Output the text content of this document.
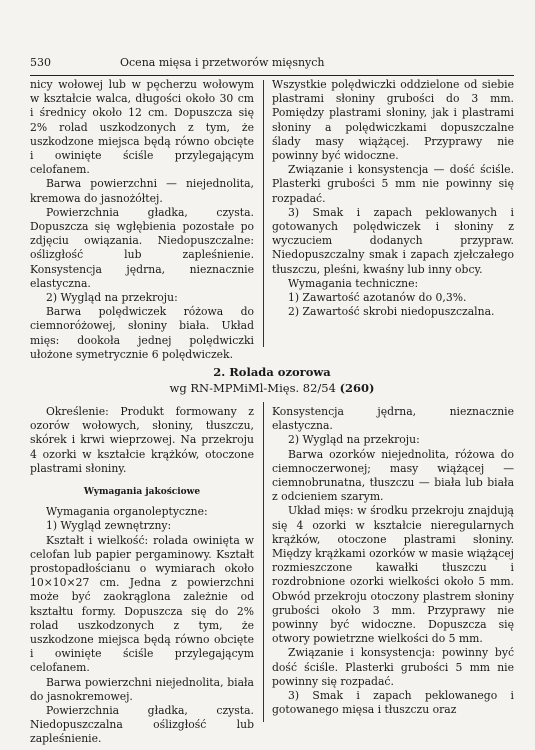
530	Ocena mięsa i przetworów mięsnych

nicy wołowej lub w pęcherzu wołowym w kształcie walca, długości około 30 cm i średnicy około 12 cm. Dopuszcza się 2% rolad uszkodzonych z tym, że uszkodzone miejsca będą równo obcięte i owinięte ściśle przylegającym celofanem.

Barwa powierzchni — niejednolita, kremowa do jasnożółtej.

Powierzchnia gładka, czysta. Dopuszcza się wgłębienia pozostałe po zdjęciu owiązania. Niedopuszczalne: oślizgłość lub zapleśnienie. Konsystencja jędrna, nieznacznie elastyczna.

2) Wygląd na przekroju:

Barwa polędwiczek różowa do ciemnoróżowej, słoniny biała. Układ mięs: dookoła jednej polędwiczki ułożone symetrycznie 6 polędwiczek.

Wszystkie polędwiczki oddzielone od siebie plastrami słoniny grubości do 3 mm. Pomiędzy plastrami słoniny, jak i plastrami słoniny a polędwiczkami dopuszczalne ślady masy wiążącej. Przyprawy nie powinny być widoczne.

Związanie i konsystencja — dość ściśle. Plasterki grubości 5 mm nie powinny się rozpadać.

3) Smak i zapach peklowanych i gotowanych polędwiczek i słoniny z wyczuciem dodanych przypraw. Niedopuszczalny smak i zapach zjełczałego tłuszczu, pleśni, kwaśny lub inny obcy.

Wymagania techniczne:

1) Zawartość azotanów do 0,3%.

2) Zawartość skrobi niedopuszczalna.

2. Rolada ozorowa
wg RN-MPMiMl-Mięs. 82/54 (260)

Określenie: Produkt formowany z ozorów wołowych, słoniny, tłuszczu, skórek i krwi wieprzowej. Na przekroju 4 ozorki w kształcie krążków, otoczone plastrami słoniny.

Wymagania jakościowe

Wymagania organoleptyczne:

1) Wygląd zewnętrzny:

Kształt i wielkość: rolada owinięta w celofan lub papier pergaminowy. Kształt prostopadłościanu o wymiarach około 10×10×27 cm. Jedna z powierzchni może być zaokrąglona zależnie od kształtu formy. Dopuszcza się do 2% rolad uszkodzonych z tym, że uszkodzone miejsca będą równo obcięte i owinięte ściśle przylegającym celofanem.

Barwa powierzchni niejednolita, biała do jasnokremowej.

Powierzchnia gładka, czysta. Niedopuszczalna oślizgłość lub zapleśnienie.

Konsystencja jędrna, nieznacznie elastyczna.

2) Wygląd na przekroju:

Barwa ozorków niejednolita, różowa do ciemnoczerwonej; masy wiążącej — ciemnobrunatna, tłuszczu — biała lub biała z odcieniem szarym.

Układ mięs: w środku przekroju znajdują się 4 ozorki w kształcie nieregularnych krążków, otoczone plastrami słoniny. Między krążkami ozorków w masie wiążącej rozmieszczone kawałki tłuszczu i rozdrobnione ozorki wielkości około 5 mm. Obwód przekroju otoczony plastrem słoniny grubości około 3 mm. Przyprawy nie powinny być widoczne. Dopuszcza się otwory powietrzne wielkości do 5 mm.

Związanie i konsystencja: powinny być dość ściśle. Plasterki grubości 5 mm nie powinny się rozpadać.

3) Smak i zapach peklowanego i gotowanego mięsa i tłuszczu oraz
